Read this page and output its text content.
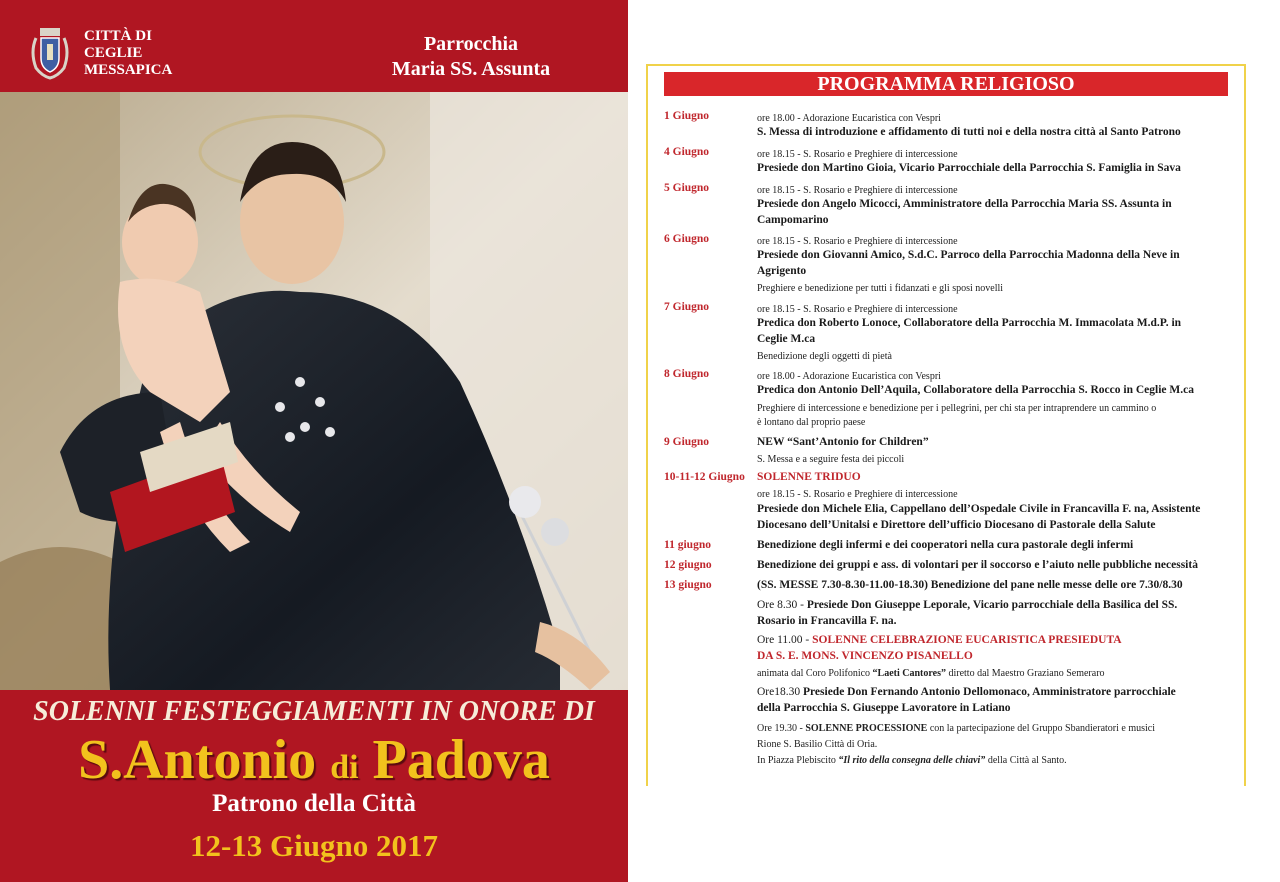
CITTÀ DI
CEGLIE
MESSAPICA
Parrocchia
Maria SS. Assunta
SOLENNI FESTEGGIAMENTI IN ONORE DI
S.Antonio di Padova
Patrono della Città
12-13 Giugno 2017
PROGRAMMA RELIGIOSO
1 Giugno	ore 18.00 - Adorazione Eucaristica con Vespri
S. Messa di introduzione e affidamento di tutti noi e della nostra città al Santo Patrono
4 Giugno	ore 18.15 - S. Rosario e Preghiere di intercessione
Presiede don Martino Gioia, Vicario Parrocchiale della Parrocchia S. Famiglia in Sava
5 Giugno	ore 18.15 - S. Rosario e Preghiere di intercessione
Presiede don Angelo Micocci, Amministratore della Parrocchia Maria SS. Assunta in
Campomarino
6 Giugno	ore 18.15 - S. Rosario e Preghiere di intercessione
Presiede don Giovanni Amico, S.d.C. Parroco della Parrocchia Madonna della Neve in
Agrigento
Preghiere e benedizione per tutti i fidanzati e gli sposi novelli
7 Giugno	ore 18.15 - S. Rosario e Preghiere di intercessione
Predica don Roberto Lonoce, Collaboratore della Parrocchia M. Immacolata M.d.P. in
Ceglie M.ca
Benedizione degli oggetti di pietà
8 Giugno	ore 18.00 - Adorazione Eucaristica con Vespri
Predica don Antonio Dell’Aquila, Collaboratore della Parrocchia S. Rocco in Ceglie M.ca
Preghiere di intercessione e benedizione per i pellegrini, per chi sta per intraprendere un cammino o
è lontano dal proprio paese
9 Giugno	NEW “Sant’Antonio for Children”
S. Messa e a seguire festa dei piccoli
10-11-12 Giugno SOLENNE TRIDUO
ore 18.15 - S. Rosario e Preghiere di intercessione
Presiede don Michele Elia, Cappellano dell’Ospedale Civile in Francavilla F. na, Assistente
Diocesano dell’Unitalsi e Direttore dell’ufficio Diocesano di Pastorale della Salute
11 giugno	Benedizione degli infermi e dei cooperatori nella cura pastorale degli infermi
12 giugno	Benedizione dei gruppi e ass. di volontari per il soccorso e l’aiuto nelle pubbliche necessità
13 giugno	(SS. MESSE 7.30-8.30-11.00-18.30) Benedizione del pane nelle messe delle ore 7.30/8.30
Ore 8.30 - Presiede Don Giuseppe Leporale, Vicario parrocchiale della Basilica del SS.
Rosario in Francavilla F. na.
Ore 11.00 - SOLENNE CELEBRAZIONE EUCARISTICA PRESIEDUTA
DA S. E. MONS. VINCENZO PISANELLO
animata dal Coro Polifonico “Laeti Cantores” diretto dal Maestro Graziano Semeraro
Ore18.30 Presiede Don Fernando Antonio Dellomonaco, Amministratore parrocchiale
della Parrocchia S. Giuseppe Lavoratore in Latiano
Ore 19.30 - SOLENNE PROCESSIONE con la partecipazione del Gruppo Sbandieratori e musici
Rione S. Basilio Città di Oria.
In Piazza Plebiscito “Il rito della consegna delle chiavi” della Città al Santo.
